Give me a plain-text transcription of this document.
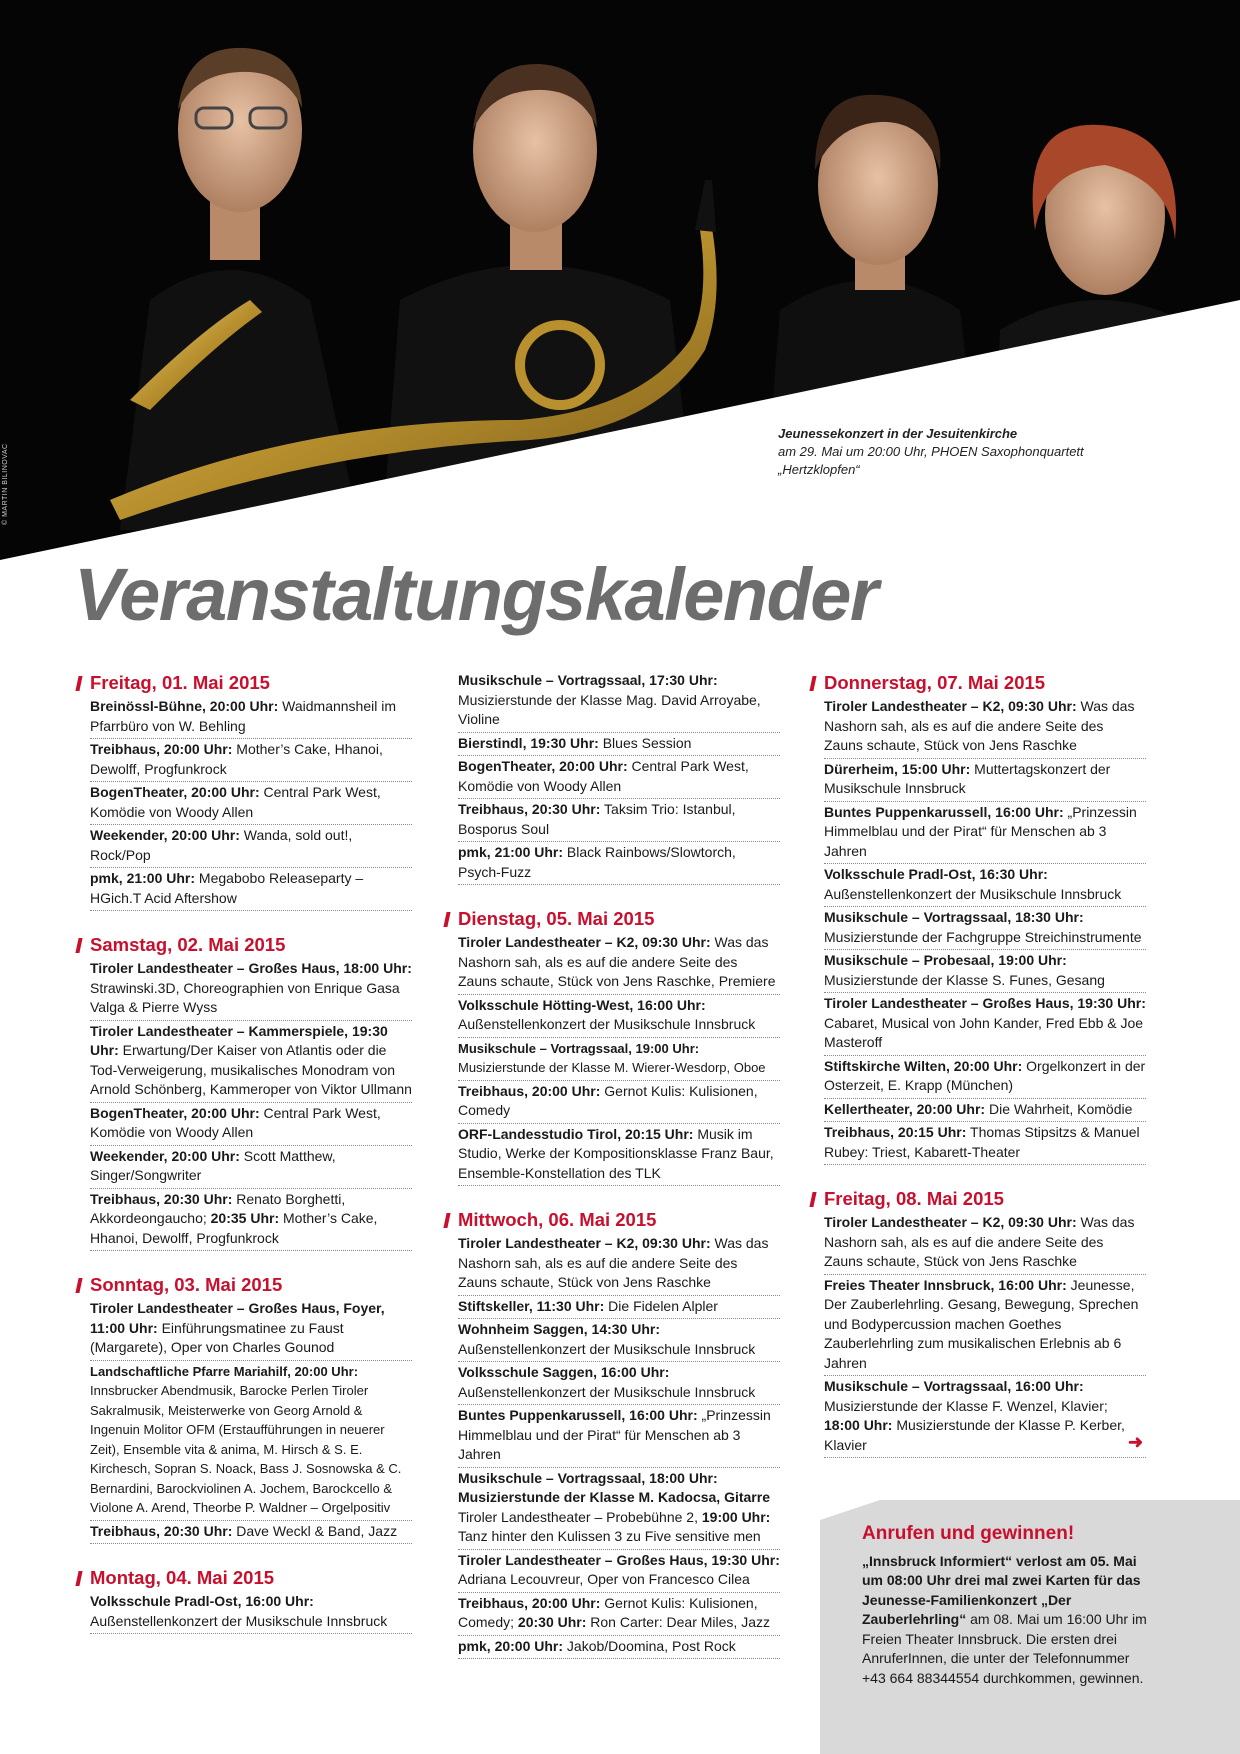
© MARTIN BILINOVAC
Jeunessekonzert in der Jesuitenkirche
am 29. Mai um 20:00 Uhr, PHOEN Saxophonquartett
„Hertzklopfen“
Veranstaltungskalender
Freitag, 01. Mai 2015
Breinössl-Bühne, 20:00 Uhr: Waidmannsheil im Pfarrbüro von W. Behling
Treibhaus, 20:00 Uhr: Mother’s Cake, Hhanoi, Dewolff, Progfunkrock
BogenTheater, 20:00 Uhr: Central Park West, Komödie von Woody Allen
Weekender, 20:00 Uhr: Wanda, sold out!, Rock/Pop
pmk, 21:00 Uhr: Megabobo Releaseparty – HGich.T Acid Aftershow
Samstag, 02. Mai 2015
Tiroler Landestheater – Großes Haus, 18:00 Uhr: Strawinski.3D, Choreographien von Enrique Gasa Valga & Pierre Wyss
Tiroler Landestheater – Kammerspiele, 19:30 Uhr: Erwartung/Der Kaiser von Atlantis oder die Tod-Verweigerung, musikalisches Monodram von Arnold Schönberg, Kammeroper von Viktor Ullmann
BogenTheater, 20:00 Uhr: Central Park West, Komödie von Woody Allen
Weekender, 20:00 Uhr: Scott Matthew, Singer/Songwriter
Treibhaus, 20:30 Uhr: Renato Borghetti, Akkordeongaucho; 20:35 Uhr: Mother’s Cake, Hhanoi, Dewolff, Progfunkrock
Sonntag, 03. Mai 2015
Tiroler Landestheater – Großes Haus, Foyer, 11:00 Uhr: Einführungsmatinee zu Faust (Margarete), Oper von Charles Gounod
Landschaftliche Pfarre Mariahilf, 20:00 Uhr: Innsbrucker Abendmusik, Barocke Perlen Tiroler Sakralmusik, Meisterwerke von Georg Arnold & Ingenuin Molitor OFM (Erstaufführungen in neuerer Zeit), Ensemble vita & anima, M. Hirsch & S. E. Kirchesch, Sopran S. Noack, Bass J. Sosnowska & C. Bernardini, Barockviolinen A. Jochem, Barockcello & Violone A. Arend, Theorbe P. Waldner – Orgelpositiv
Treibhaus, 20:30 Uhr: Dave Weckl & Band, Jazz
Montag, 04. Mai 2015
Volksschule Pradl-Ost, 16:00 Uhr: Außenstellenkonzert der Musikschule Innsbruck
Musikschule – Vortragssaal, 17:30 Uhr: Musizierstunde der Klasse Mag. David Arroyabe, Violine
Bierstindl, 19:30 Uhr: Blues Session
BogenTheater, 20:00 Uhr: Central Park West, Komödie von Woody Allen
Treibhaus, 20:30 Uhr: Taksim Trio: Istanbul, Bosporus Soul
pmk, 21:00 Uhr: Black Rainbows/Slowtorch, Psych-Fuzz
Dienstag, 05. Mai 2015
Tiroler Landestheater – K2, 09:30 Uhr: Was das Nashorn sah, als es auf die andere Seite des Zauns schaute, Stück von Jens Raschke, Premiere
Volksschule Hötting-West, 16:00 Uhr: Außenstellenkonzert der Musikschule Innsbruck
Musikschule – Vortragssaal, 19:00 Uhr: Musizierstunde der Klasse M. Wierer-Wesdorp, Oboe
Treibhaus, 20:00 Uhr: Gernot Kulis: Kulisionen, Comedy
ORF-Landesstudio Tirol, 20:15 Uhr: Musik im Studio, Werke der Kompositionsklasse Franz Baur, Ensemble-Konstellation des TLK
Mittwoch, 06. Mai 2015
Tiroler Landestheater – K2, 09:30 Uhr: Was das Nashorn sah, als es auf die andere Seite des Zauns schaute, Stück von Jens Raschke
Stiftskeller, 11:30 Uhr: Die Fidelen Alpler
Wohnheim Saggen, 14:30 Uhr: Außenstellenkonzert der Musikschule Innsbruck
Volksschule Saggen, 16:00 Uhr: Außenstellenkonzert der Musikschule Innsbruck
Buntes Puppenkarussell, 16:00 Uhr: „Prinzessin Himmelblau und der Pirat“ für Menschen ab 3 Jahren
Musikschule – Vortragssaal, 18:00 Uhr: Musizierstunde der Klasse M. Kadocsa, Gitarre Tiroler Landestheater – Probebühne 2, 19:00 Uhr: Tanz hinter den Kulissen 3 zu Five sensitive men
Tiroler Landestheater – Großes Haus, 19:30 Uhr: Adriana Lecouvreur, Oper von Francesco Cilea
Treibhaus, 20:00 Uhr: Gernot Kulis: Kulisionen, Comedy; 20:30 Uhr: Ron Carter: Dear Miles, Jazz
pmk, 20:00 Uhr: Jakob/Doomina, Post Rock
Donnerstag, 07. Mai 2015
Tiroler Landestheater – K2, 09:30 Uhr: Was das Nashorn sah, als es auf die andere Seite des Zauns schaute, Stück von Jens Raschke
Dürerheim, 15:00 Uhr: Muttertagskonzert der Musikschule Innsbruck
Buntes Puppenkarussell, 16:00 Uhr: „Prinzessin Himmelblau und der Pirat“ für Menschen ab 3 Jahren
Volksschule Pradl-Ost, 16:30 Uhr: Außenstellenkonzert der Musikschule Innsbruck
Musikschule – Vortragssaal, 18:30 Uhr: Musizierstunde der Fachgruppe Streichinstrumente
Musikschule – Probesaal, 19:00 Uhr: Musizierstunde der Klasse S. Funes, Gesang
Tiroler Landestheater – Großes Haus, 19:30 Uhr: Cabaret, Musical von John Kander, Fred Ebb & Joe Masteroff
Stiftskirche Wilten, 20:00 Uhr: Orgelkonzert in der Osterzeit, E. Krapp (München)
Kellertheater, 20:00 Uhr: Die Wahrheit, Komödie
Treibhaus, 20:15 Uhr: Thomas Stipsitzs & Manuel Rubey: Triest, Kabarett-Theater
Freitag, 08. Mai 2015
Tiroler Landestheater – K2, 09:30 Uhr: Was das Nashorn sah, als es auf die andere Seite des Zauns schaute, Stück von Jens Raschke
Freies Theater Innsbruck, 16:00 Uhr: Jeunesse, Der Zauberlehrling. Gesang, Bewegung, Sprechen und Bodypercussion machen Goethes Zauberlehrling zum musikalischen Erlebnis ab 6 Jahren
Musikschule – Vortragssaal, 16:00 Uhr: Musizierstunde der Klasse F. Wenzel, Klavier; 18:00 Uhr: Musizierstunde der Klasse P. Kerber, Klavier	➜
Anrufen und gewinnen!
„Innsbruck Informiert“ verlost am 05. Mai um 08:00 Uhr drei mal zwei Karten für das Jeunesse-Familienkonzert „Der Zauberlehrling“ am 08. Mai um 16:00 Uhr im Freien Theater Innsbruck. Die ersten drei AnruferInnen, die unter der Telefonnummer +43 664 88344554 durchkommen, gewinnen.
